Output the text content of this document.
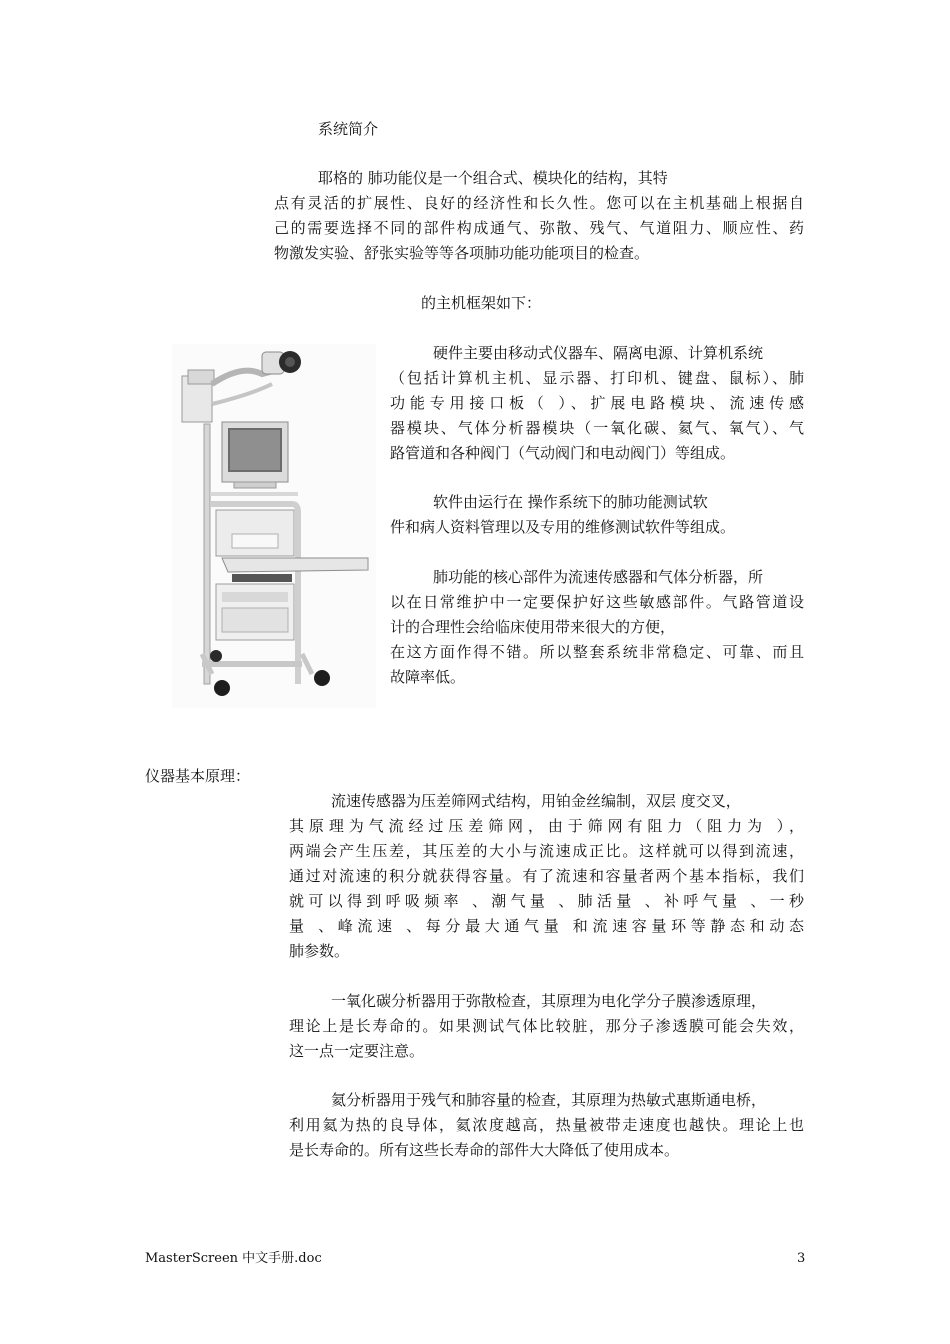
系统简介
耶格的 肺功能仪是一个组合式、模块化的结构，其特
点有灵活的扩展性、良好的经济性和长久性。您可以在主机基础上根据自
己的需要选择不同的部件构成通气、弥散、残气、气道阻力、顺应性、药
物激发实验、舒张实验等等各项肺功能功能项目的检查。
的主机框架如下：
硬件主要由移动式仪器车、隔离电源、计算机系统
（包括计算机主机、显示器、打印机、键盘、鼠标）、肺
功能专用接口板（ ）、扩展电路模块、流速传感
器模块、气体分析器模块（一氧化碳、氦气、氧气）、气
路管道和各种阀门（气动阀门和电动阀门）等组成。
软件由运行在 操作系统下的肺功能测试软
件和病人资料管理以及专用的维修测试软件等组成。
肺功能的核心部件为流速传感器和气体分析器，所
以在日常维护中一定要保护好这些敏感部件。气路管道设
计的合理性会给临床使用带来很大的方便，
在这方面作得不错。所以整套系统非常稳定、可靠、而且
故障率低。
仪器基本原理：
流速传感器为压差筛网式结构，用铂金丝编制，双层 度交叉，
其原理为气流经过压差筛网，由于筛网有阻力（阻力为 ），
两端会产生压差，其压差的大小与流速成正比。这样就可以得到流速，
通过对流速的积分就获得容量。有了流速和容量者两个基本指标，我们
就可以得到呼吸频率 、潮气量 、肺活量 、补呼气量 、一秒
量 、峰流速 、每分最大通气量 和流速容量环等静态和动态
肺参数。
一氧化碳分析器用于弥散检查，其原理为电化学分子膜渗透原理，
理论上是长寿命的。如果测试气体比较脏，那分子渗透膜可能会失效，
这一点一定要注意。
氦分析器用于残气和肺容量的检查，其原理为热敏式惠斯通电桥，
利用氦为热的良导体，氦浓度越高，热量被带走速度也越快。理论上也
是长寿命的。所有这些长寿命的部件大大降低了使用成本。
MasterScreen 中文手册.doc	3
